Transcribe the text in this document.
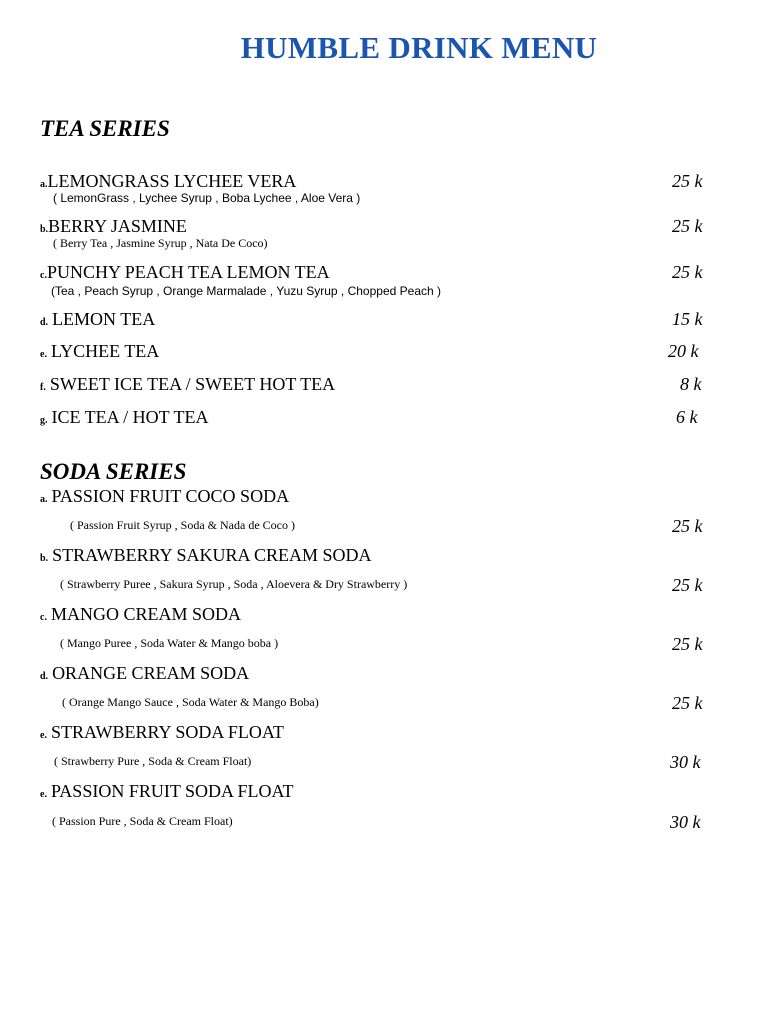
HUMBLE DRINK MENU
TEA SERIES
a.LEMONGRASS LYCHEE VERA	25 k
( LemonGrass , Lychee Syrup , Boba Lychee , Aloe Vera )
b.BERRY JASMINE	25 k
( Berry Tea , Jasmine Syrup , Nata De Coco)
c.PUNCHY PEACH TEA LEMON TEA	25 k
(Tea , Peach Syrup , Orange Marmalade , Yuzu Syrup , Chopped Peach )
d. LEMON TEA	15 k
e. LYCHEE TEA	20 k
f. SWEET ICE TEA / SWEET HOT TEA	8 k
g. ICE TEA / HOT TEA	6 k
SODA SERIES
a. PASSION FRUIT COCO SODA
( Passion Fruit Syrup , Soda & Nada de Coco )	25 k
b. STRAWBERRY SAKURA CREAM SODA
( Strawberry Puree , Sakura Syrup , Soda , Aloevera & Dry Strawberry )	25 k
c. MANGO CREAM SODA
( Mango Puree , Soda Water & Mango boba )	25 k
d. ORANGE CREAM SODA
( Orange Mango Sauce , Soda Water & Mango Boba)	25 k
e. STRAWBERRY SODA FLOAT
( Strawberry Pure , Soda & Cream Float)	30 k
e. PASSION FRUIT SODA FLOAT
( Passion Pure , Soda & Cream Float)	30 k
